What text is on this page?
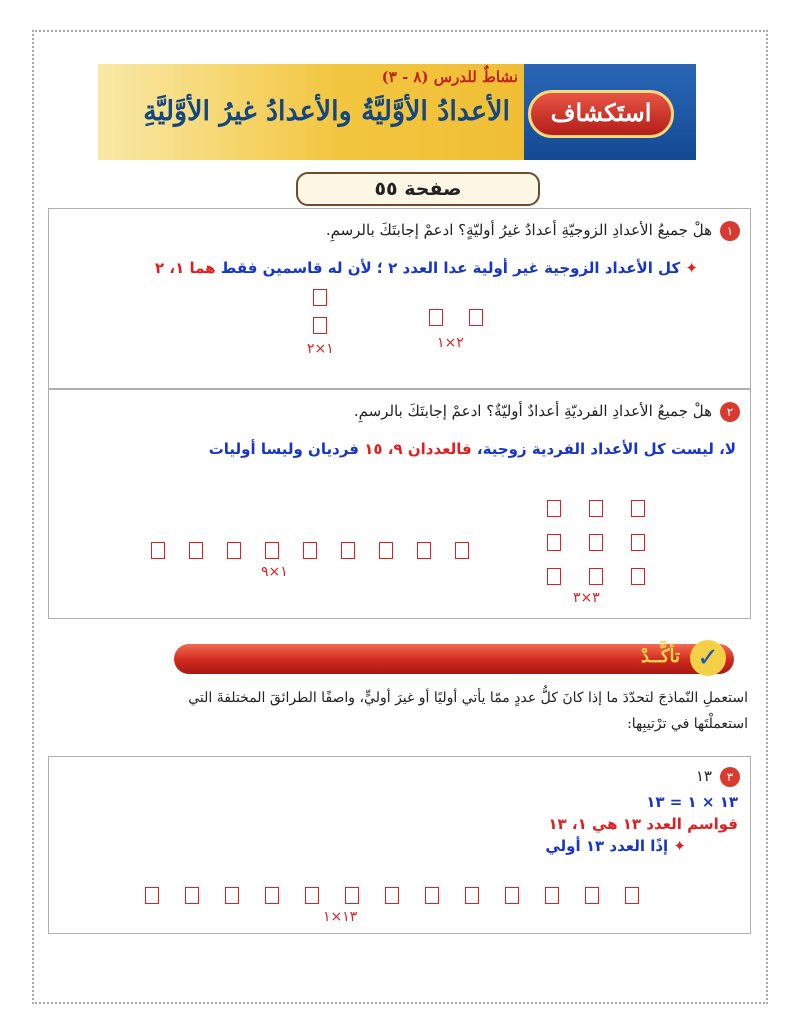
نشاطٌ للدرس (٨ - ٣)
الأعدادُ الأوَّليَّةُ والأعدادُ غيرُ الأوَّليَّةِ	استَكشاف
صفحة ٥٥
١هلْ جميعُ الأعدادِ الزوجيّةِ أعدادٌ غيرُ أوليّةٍ؟ ادعمْ إجابتَكَ بالرسمِ.
✦ كل الأعداد الزوجية غير أولية عدا العدد ٢ ؛ لأن له قاسمين فقط هما ١، ٢
١×٢	٢×١
٢هلْ جميعُ الأعدادِ الفرديّةِ أعدادٌ أوليّةٌ؟ ادعمْ إجابتَكَ بالرسمِ.
لا، ليست كل الأعداد الفردية زوجية، فالعددان ٩، ١٥ فرديان وليسا أوليات
١×٩
٣×٣
تأكَّــدْ ✓
استعملِ النّماذجَ لتحدّدَ ما إذا كانَ كلُّ عددٍ ممّا يأتي أوليًا أو غيرَ أوليٍّ، واصفًا الطرائقَ المختلفةَ التي
استعملْتَها في ترْتيبِها:
٣١٣
١٣ × ١ = ١٣
قواسم العدد ١٣ هي ١، ١٣
✦ إذًا العدد ١٣ أولي
١٣×١
